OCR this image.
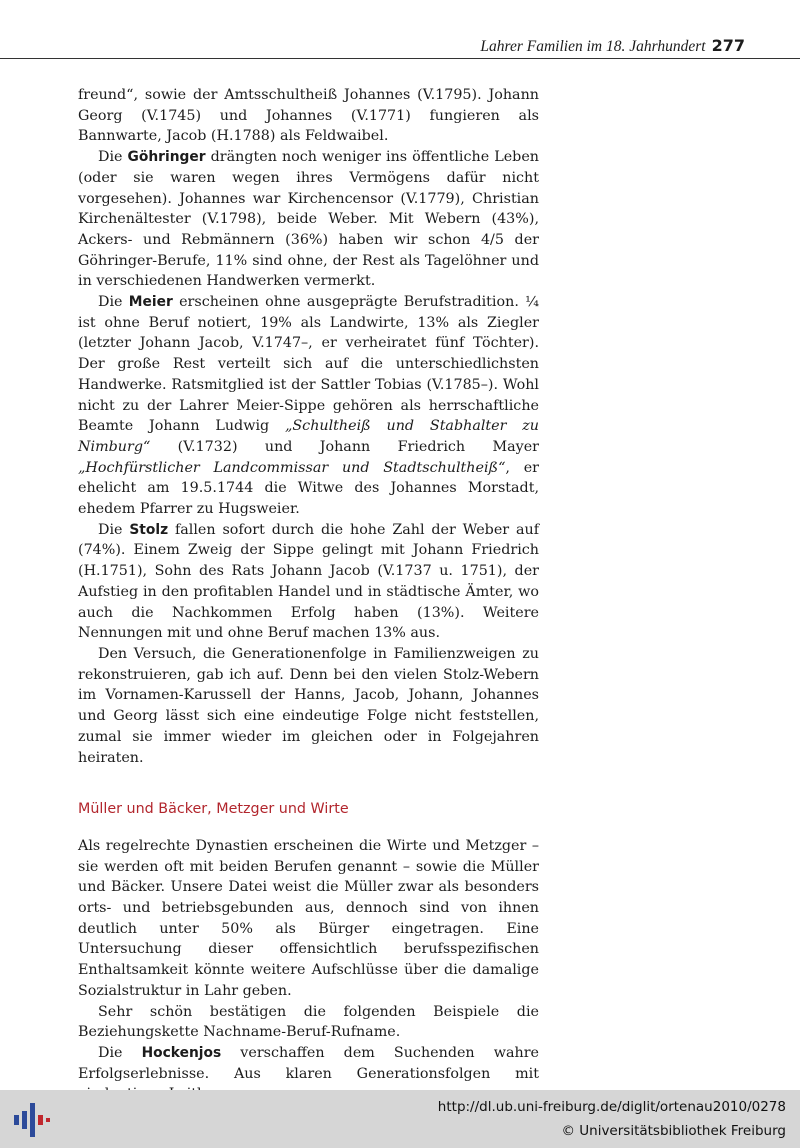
Lahrer Familien im 18. Jahrhundert 277

freund“, sowie der Amtsschultheiß Johannes (V.1795). Johann Georg (V.1745) und Johannes (V.1771) fungieren als Bannwarte, Jacob (H.1788) als Feldwaibel.

Die Göhringer drängten noch weniger ins öffentliche Leben (oder sie waren wegen ihres Vermögens dafür nicht vorgesehen). Johannes war Kirchencensor (V.1779), Christian Kirchenältester (V.1798), beide Weber. Mit Webern (43%), Ackers- und Rebmännern (36%) haben wir schon 4/5 der Göhringer-Berufe, 11% sind ohne, der Rest als Tagelöhner und in verschiedenen Handwerken vermerkt.

Die Meier erscheinen ohne ausgeprägte Berufstradition. ¼ ist ohne Beruf notiert, 19% als Landwirte, 13% als Ziegler (letzter Johann Jacob, V.1747–, er verheiratet fünf Töchter). Der große Rest verteilt sich auf die unterschiedlichsten Handwerke. Ratsmitglied ist der Sattler Tobias (V.1785–). Wohl nicht zu der Lahrer Meier-Sippe gehören als herrschaftliche Beamte Johann Ludwig „Schultheiß und Stabhalter zu Nimburg“ (V.1732) und Johann Friedrich Mayer „Hochfürstlicher Landcommissar und Stadtschultheiß“, er ehelicht am 19.5.1744 die Witwe des Johannes Morstadt, ehedem Pfarrer zu Hugsweier.

Die Stolz fallen sofort durch die hohe Zahl der Weber auf (74%). Einem Zweig der Sippe gelingt mit Johann Friedrich (H.1751), Sohn des Rats Johann Jacob (V.1737 u. 1751), der Aufstieg in den profitablen Handel und in städtische Ämter, wo auch die Nachkommen Erfolg haben (13%). Weitere Nennungen mit und ohne Beruf machen 13% aus.

Den Versuch, die Generationenfolge in Familienzweigen zu rekonstruieren, gab ich auf. Denn bei den vielen Stolz-Webern im Vornamen-Karussell der Hanns, Jacob, Johann, Johannes und Georg lässt sich eine eindeutige Folge nicht feststellen, zumal sie immer wieder im gleichen oder in Folgejahren heiraten.

Müller und Bäcker, Metzger und Wirte

Als regelrechte Dynastien erscheinen die Wirte und Metzger – sie werden oft mit beiden Berufen genannt – sowie die Müller und Bäcker. Unsere Datei weist die Müller zwar als besonders orts- und betriebsgebunden aus, dennoch sind von ihnen deutlich unter 50% als Bürger eingetragen. Eine Untersuchung dieser offensichtlich berufsspezifischen Enthaltsamkeit könnte weitere Aufschlüsse über die damalige Sozialstruktur in Lahr geben.

Sehr schön bestätigen die folgenden Beispiele die Beziehungskette Nachname-Beruf-Rufname.

Die Hockenjos verschaffen dem Suchenden wahre Erfolgserlebnisse. Aus klaren Generationsfolgen mit

http://dl.ub.uni-freiburg.de/diglit/ortenau2010/0278
© Universitätsbibliothek Freiburg
